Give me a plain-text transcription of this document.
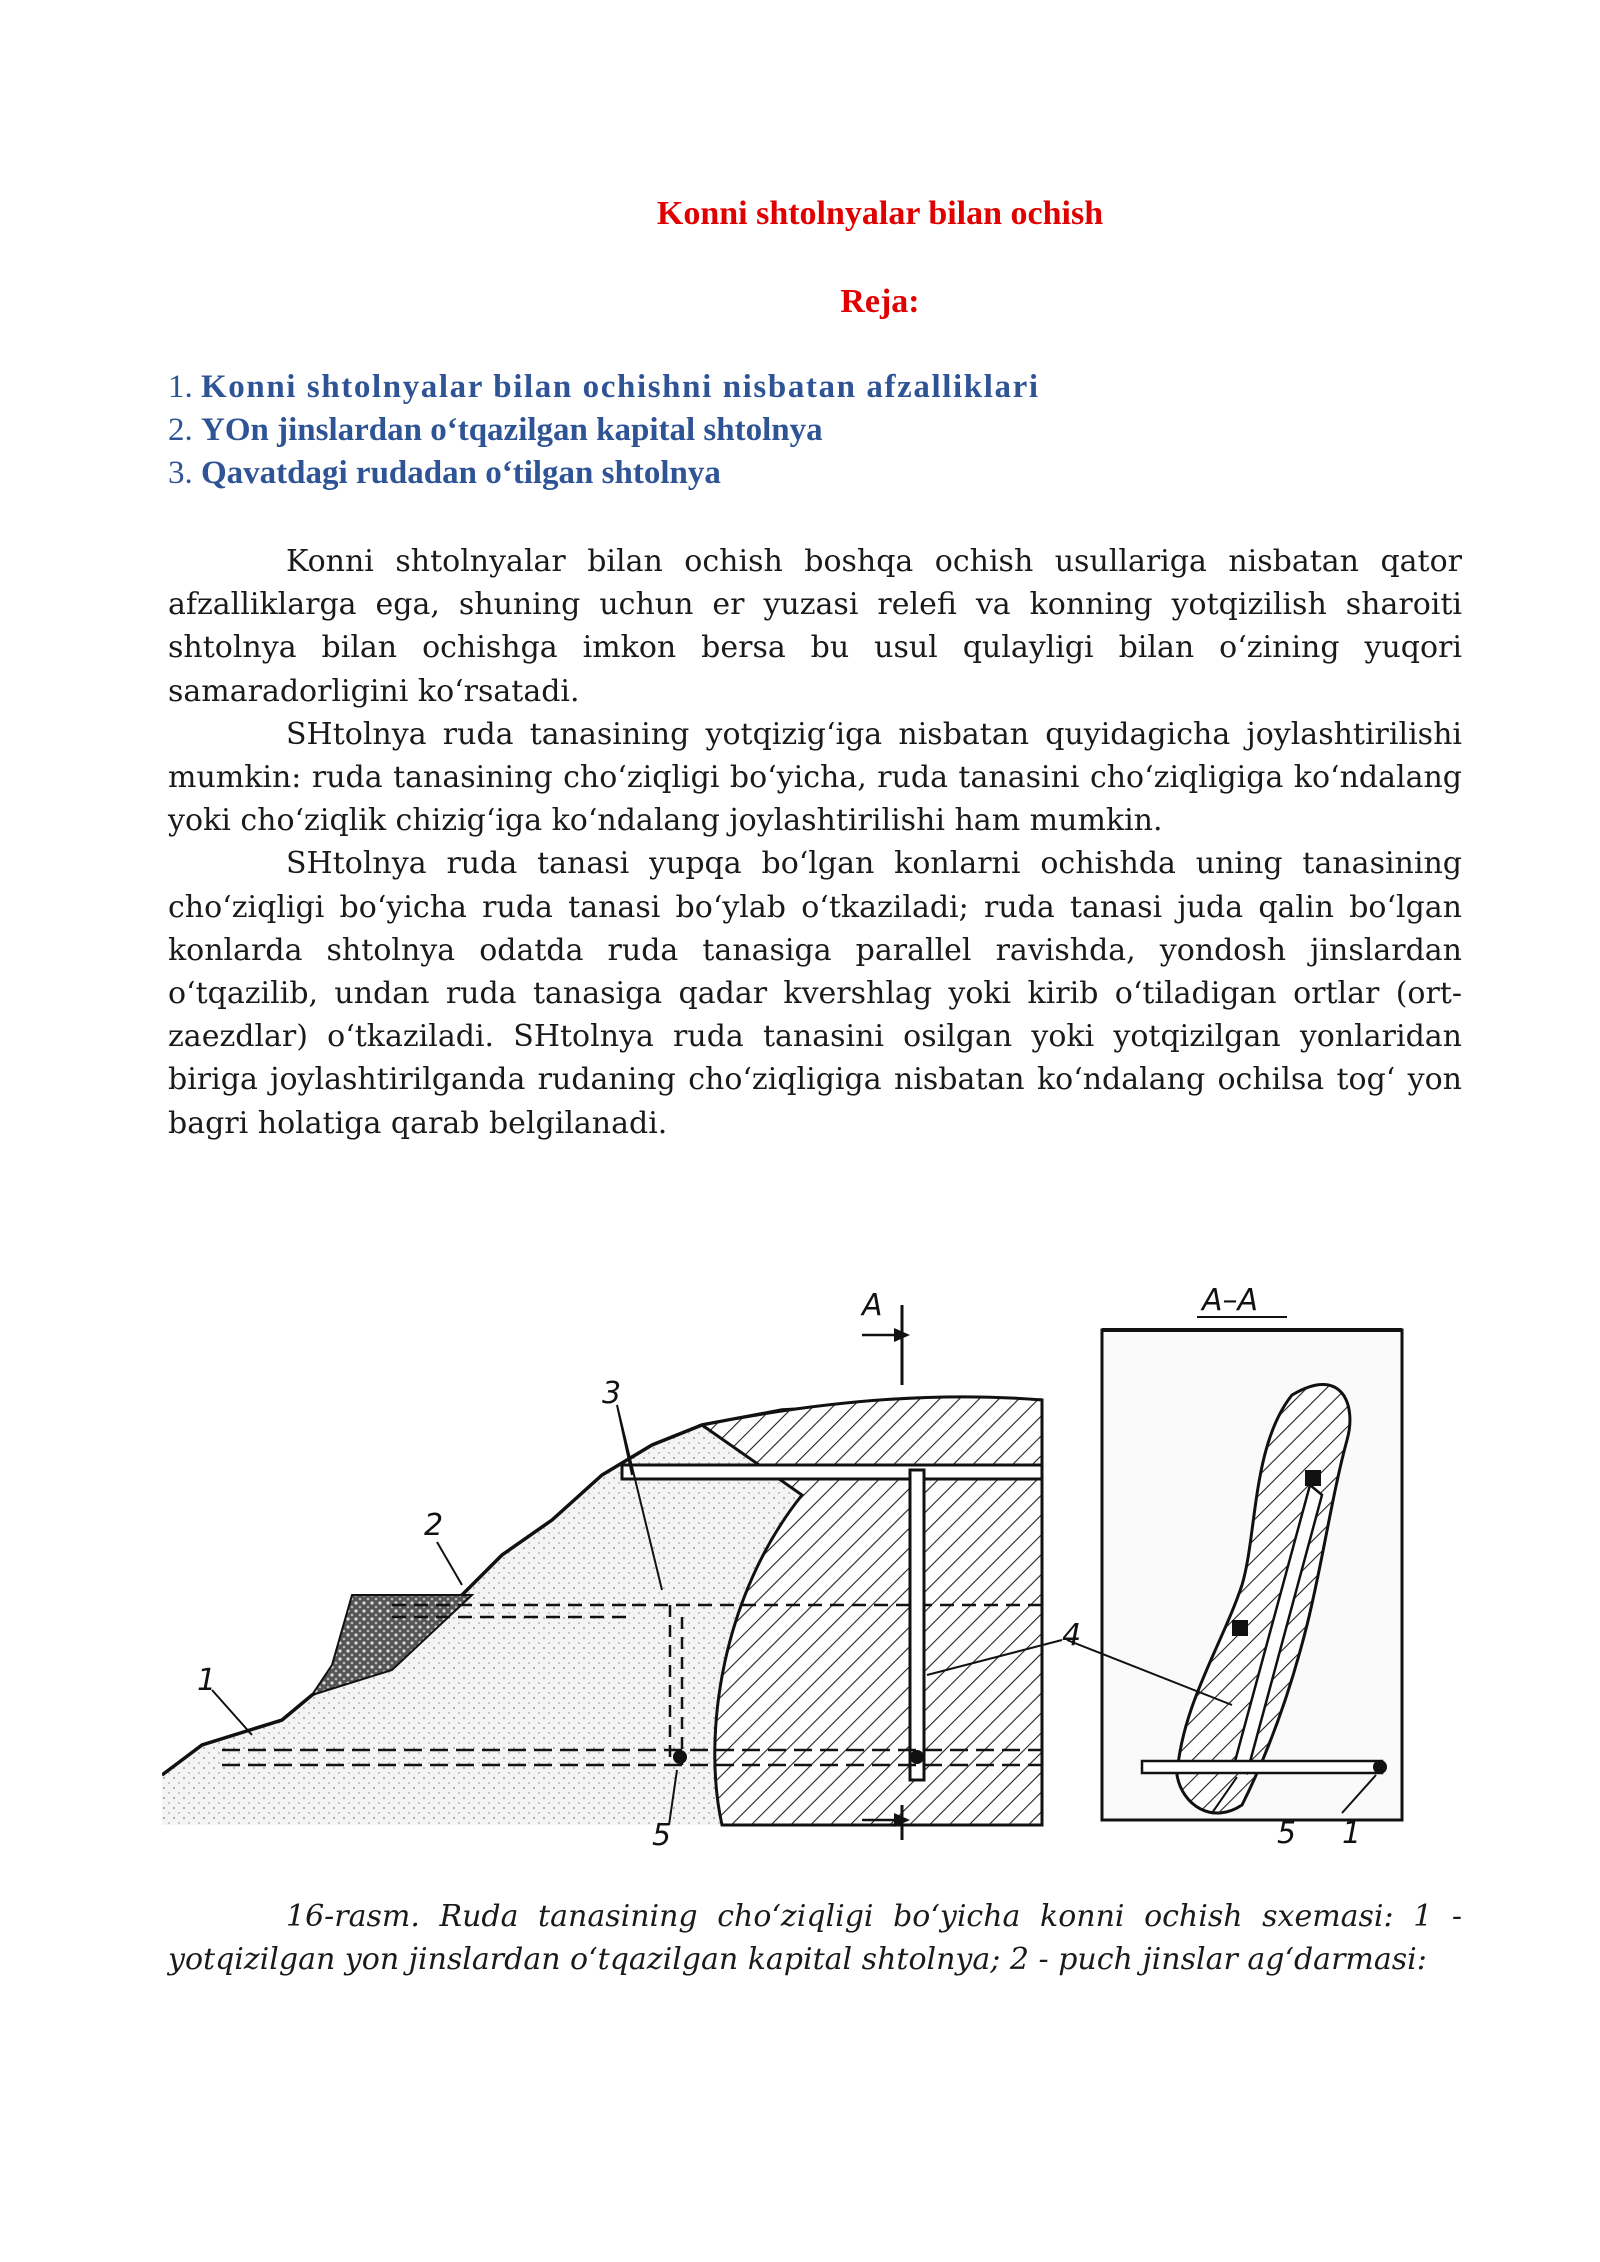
Konni shtolnyalar bilan ochish
Reja:
1. Konni shtolnyalar bilan ochishni nisbatan afzalliklari
2. YOn jinslardan o‘tqazilgan kapital shtolnya
3. Qavatdagi rudadan o‘tilgan shtolnya

Konni shtolnyalar bilan ochish boshqa ochish usullariga nisbatan qator afzalliklarga ega, shuning uchun er yuzasi relefi va konning yotqizilish sharoiti shtolnya bilan ochishga imkon bersa bu usul qulayligi bilan o‘zining yuqori samaradorligini ko‘rsatadi.

SHtolnya ruda tanasining yotqizig‘iga nisbatan quyidagicha joylashtirilishi mumkin: ruda tanasining cho‘ziqligi bo‘yicha, ruda tanasini cho‘ziqligiga ko‘ndalang yoki cho‘ziqlik chizig‘iga ko‘ndalang joylashtirilishi ham mumkin.

SHtolnya ruda tanasi yupqa bo‘lgan konlarni ochishda uning tanasining cho‘ziqligi bo‘yicha ruda tanasi bo‘ylab o‘tkaziladi; ruda tanasi juda qalin bo‘lgan konlarda shtolnya odatda ruda tanasiga parallel ravishda, yondosh jinslardan o‘tqazilib, undan ruda tanasiga qadar kvershlag yoki kirib o‘tiladigan ortlar (ort-zaezdlar) o‘tkaziladi. SHtolnya ruda tanasini osilgan yoki yotqizilgan yonlaridan biriga joylashtirilganda rudaning cho‘ziqligiga nisbatan ko‘ndalang ochilsa tog‘ yon bagri holatiga qarab belgilanadi.

A
3
2
1
5
4
A–A
5 1

16-rasm. Ruda tanasining cho‘ziqligi bo‘yicha konni ochish sxemasi: 1 - yotqizilgan yon jinslardan o‘tqazilgan kapital shtolnya; 2 - puch jinslar ag‘darmasi:
